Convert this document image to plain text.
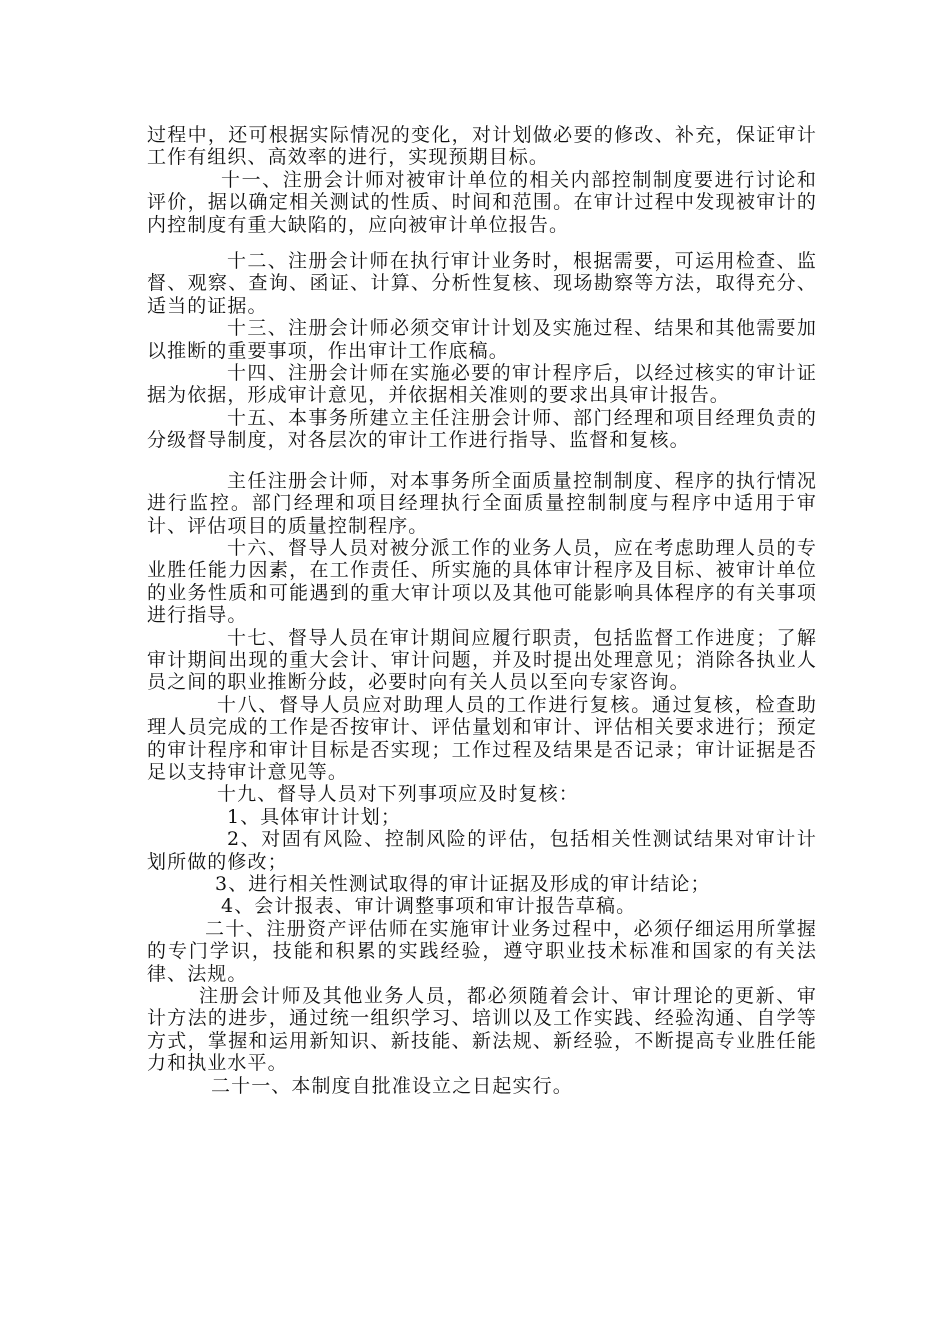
过程中，还可根据实际情况的变化，对计划做必要的修改、补充，保证审计工作有组织、高效率的进行，实现预期目标。

十一、注册会计师对被审计单位的相关内部控制制度要进行讨论和评价，据以确定相关测试的性质、时间和范围。在审计过程中发现被审计的内控制度有重大缺陷的，应向被审计单位报告。

十二、注册会计师在执行审计业务时，根据需要，可运用检查、监督、观察、查询、函证、计算、分析性复核、现场勘察等方法，取得充分、适当的证据。

十三、注册会计师必须交审计计划及实施过程、结果和其他需要加以推断的重要事项，作出审计工作底稿。

十四、注册会计师在实施必要的审计程序后，以经过核实的审计证据为依据，形成审计意见，并依据相关准则的要求出具审计报告。

十五、本事务所建立主任注册会计师、部门经理和项目经理负责的分级督导制度，对各层次的审计工作进行指导、监督和复核。

主任注册会计师，对本事务所全面质量控制制度、程序的执行情况进行监控。部门经理和项目经理执行全面质量控制制度与程序中适用于审计、评估项目的质量控制程序。

十六、督导人员对被分派工作的业务人员，应在考虑助理人员的专业胜任能力因素，在工作责任、所实施的具体审计程序及目标、被审计单位的业务性质和可能遇到的重大审计项以及其他可能影响具体程序的有关事项进行指导。

十七、督导人员在审计期间应履行职责，包括监督工作进度；了解审计期间出现的重大会计、审计问题，并及时提出处理意见；消除各执业人员之间的职业推断分歧，必要时向有关人员以至向专家咨询。

十八、督导人员应对助理人员的工作进行复核。通过复核，检查助理人员完成的工作是否按审计、评估量划和审计、评估相关要求进行；预定的审计程序和审计目标是否实现；工作过程及结果是否记录；审计证据是否足以支持审计意见等。

十九、督导人员对下列事项应及时复核：

1、具体审计计划；

2、对固有风险、控制风险的评估，包括相关性测试结果对审计计划所做的修改；

3、进行相关性测试取得的审计证据及形成的审计结论；

4、会计报表、审计调整事项和审计报告草稿。

二十、注册资产评估师在实施审计业务过程中，必须仔细运用所掌握的专门学识，技能和积累的实践经验，遵守职业技术标准和国家的有关法律、法规。

注册会计师及其他业务人员，都必须随着会计、审计理论的更新、审计方法的进步，通过统一组织学习、培训以及工作实践、经验沟通、自学等方式，掌握和运用新知识、新技能、新法规、新经验，不断提高专业胜任能力和执业水平。

二十一、本制度自批准设立之日起实行。
